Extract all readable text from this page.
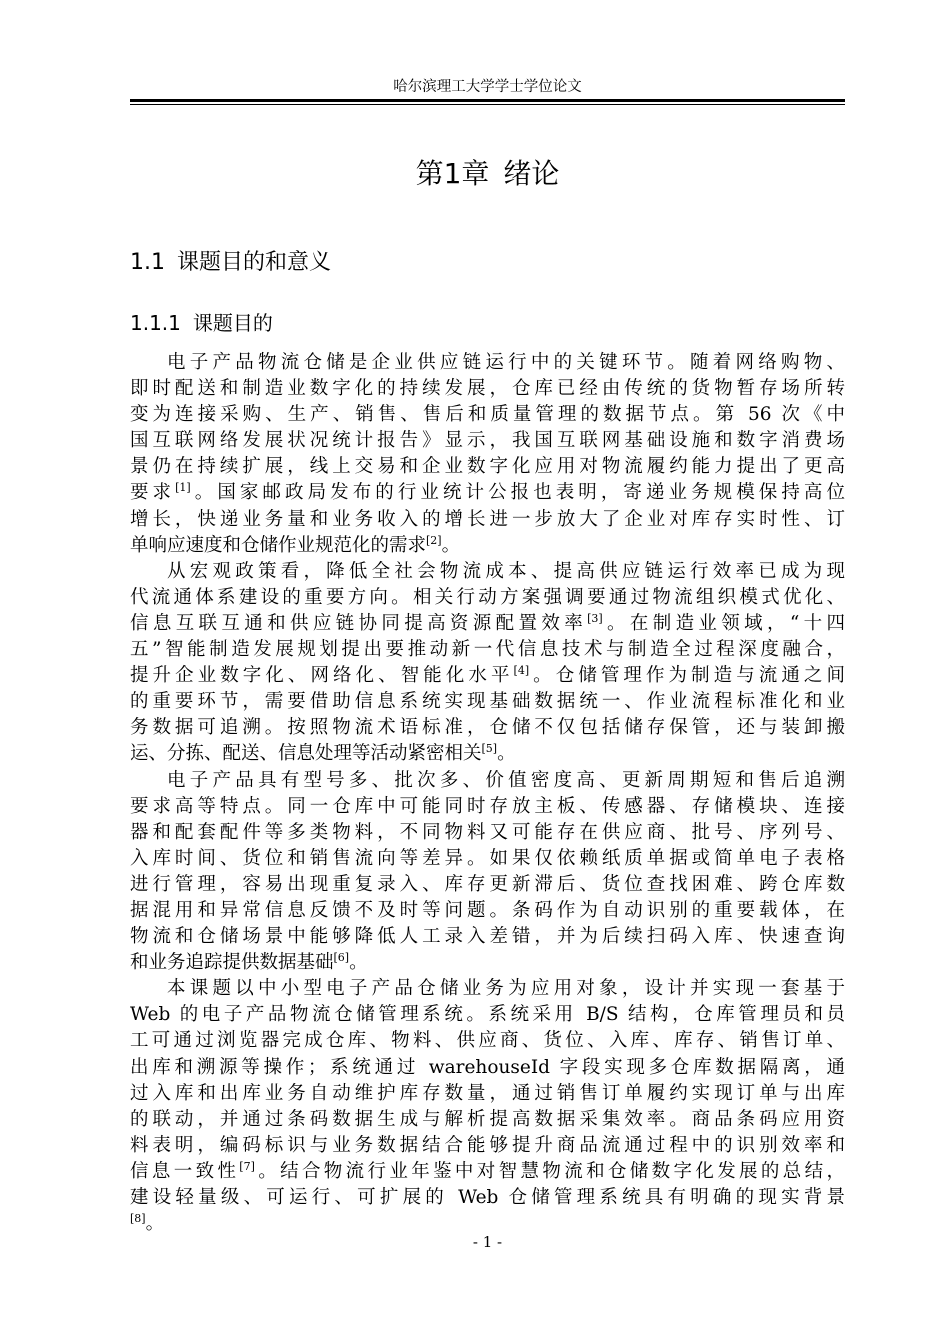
哈尔滨理工大学学士学位论文
第1章 绪论
1.1 课题目的和意义
1.1.1 课题目的
电子产品物流仓储是企业供应链运行中的关键环节。随着网络购物、
即时配送和制造业数字化的持续发展，仓库已经由传统的货物暂存场所转
变为连接采购、生产、销售、售后和质量管理的数据节点。第 56 次《中
国互联网络发展状况统计报告》显示，我国互联网基础设施和数字消费场
景仍在持续扩展，线上交易和企业数字化应用对物流履约能力提出了更高
要求[1]。国家邮政局发布的行业统计公报也表明，寄递业务规模保持高位
增长，快递业务量和业务收入的增长进一步放大了企业对库存实时性、订
单响应速度和仓储作业规范化的需求[2]。
从宏观政策看，降低全社会物流成本、提高供应链运行效率已成为现
代流通体系建设的重要方向。相关行动方案强调要通过物流组织模式优化、
信息互联互通和供应链协同提高资源配置效率[3]。在制造业领域，“十四
五”智能制造发展规划提出要推动新一代信息技术与制造全过程深度融合，
提升企业数字化、网络化、智能化水平[4]。仓储管理作为制造与流通之间
的重要环节，需要借助信息系统实现基础数据统一、作业流程标准化和业
务数据可追溯。按照物流术语标准，仓储不仅包括储存保管，还与装卸搬
运、分拣、配送、信息处理等活动紧密相关[5]。
电子产品具有型号多、批次多、价值密度高、更新周期短和售后追溯
要求高等特点。同一仓库中可能同时存放主板、传感器、存储模块、连接
器和配套配件等多类物料，不同物料又可能存在供应商、批号、序列号、
入库时间、货位和销售流向等差异。如果仅依赖纸质单据或简单电子表格
进行管理，容易出现重复录入、库存更新滞后、货位查找困难、跨仓库数
据混用和异常信息反馈不及时等问题。条码作为自动识别的重要载体，在
物流和仓储场景中能够降低人工录入差错，并为后续扫码入库、快速查询
和业务追踪提供数据基础[6]。
本课题以中小型电子产品仓储业务为应用对象，设计并实现一套基于
Web 的电子产品物流仓储管理系统。系统采用 B/S 结构，仓库管理员和员
工可通过浏览器完成仓库、物料、供应商、货位、入库、库存、销售订单、
出库和溯源等操作；系统通过 warehouseId 字段实现多仓库数据隔离，通
过入库和出库业务自动维护库存数量，通过销售订单履约实现订单与出库
的联动，并通过条码数据生成与解析提高数据采集效率。商品条码应用资
料表明，编码标识与业务数据结合能够提升商品流通过程中的识别效率和
信息一致性[7]。结合物流行业年鉴中对智慧物流和仓储数字化发展的总结，
建设轻量级、可运行、可扩展的 Web 仓储管理系统具有明确的现实背景
[8]。
- 1 -
